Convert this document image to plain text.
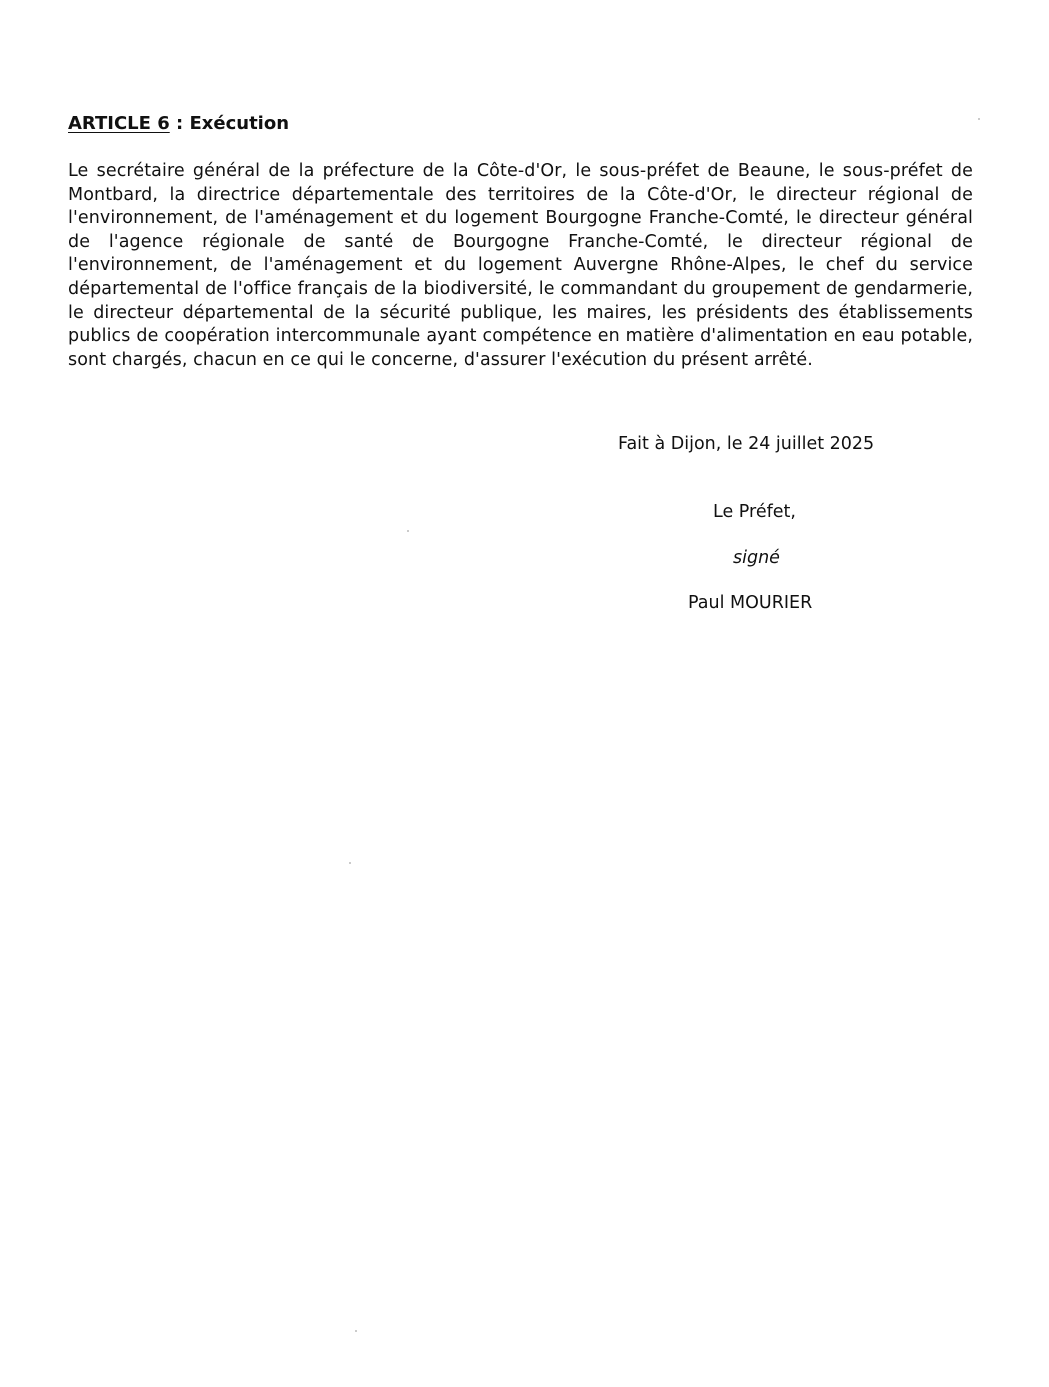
ARTICLE 6 : Exécution
Le secrétaire général de la préfecture de la Côte-d'Or, le sous-préfet de Beaune, le sous-préfet de Montbard, la directrice départementale des territoires de la Côte-d'Or, le directeur régional de l'environnement, de l'aménagement et du logement Bourgogne Franche-Comté, le directeur général de l'agence régionale de santé de Bourgogne Franche-Comté, le directeur régional de l'environnement, de l'aménagement et du logement Auvergne Rhône-Alpes, le chef du service départemental de l'office français de la biodiversité, le commandant du groupement de gendarmerie, le directeur départemental de la sécurité publique, les maires, les présidents des établissements publics de coopération intercommunale ayant compétence en matière d'alimentation en eau potable, sont chargés, chacun en ce qui le concerne, d'assurer l'exécution du présent arrêté.
Fait à Dijon, le 24 juillet 2025
Le Préfet,
signé
Paul MOURIER
